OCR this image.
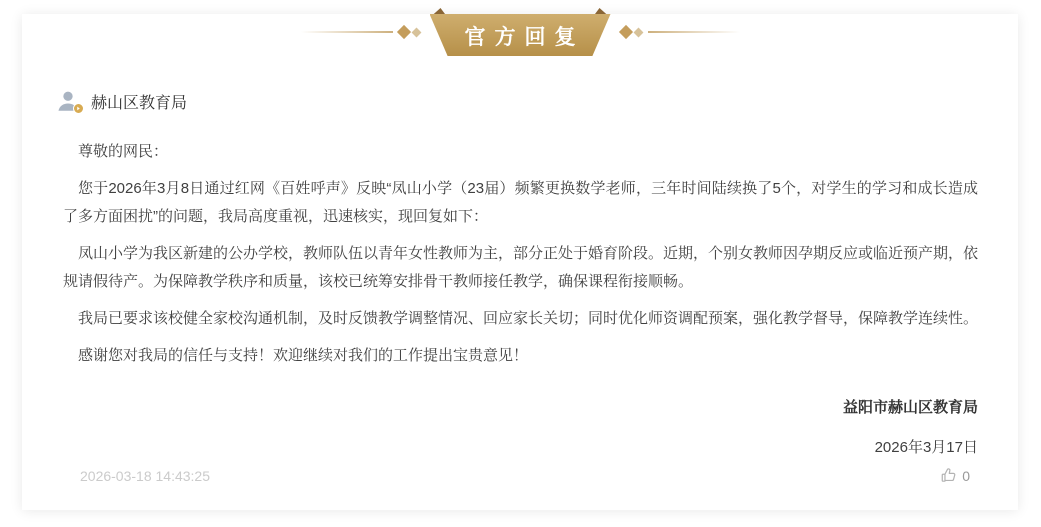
官方回复
赫山区教育局

尊敬的网民：

您于2026年3月8日通过红网《百姓呼声》反映“凤山小学（23届）频繁更换数学老师，三年时间陆续换了5个，对学生的学习和成长造成了多方面困扰”的问题，我局高度重视，迅速核实，现回复如下：

凤山小学为我区新建的公办学校，教师队伍以青年女性教师为主，部分正处于婚育阶段。近期，个别女教师因孕期反应或临近预产期，依规请假待产。为保障教学秩序和质量，该校已统筹安排骨干教师接任教学，确保课程衔接顺畅。

我局已要求该校健全家校沟通机制，及时反馈教学调整情况、回应家长关切；同时优化师资调配预案，强化教学督导，保障教学连续性。

感谢您对我局的信任与支持！欢迎继续对我们的工作提出宝贵意见！

益阳市赫山区教育局
2026年3月17日
2026-03-18 14:43:25	0
